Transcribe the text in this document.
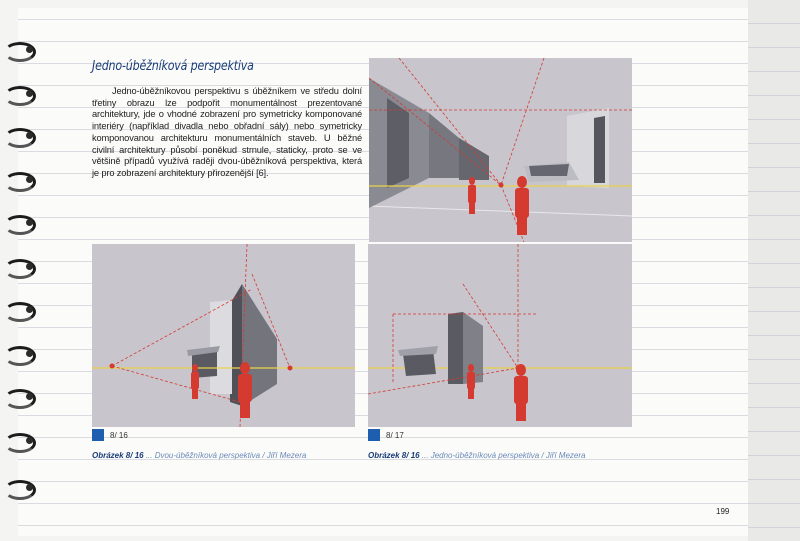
Jedno-úběžníková perspektiva
Jedno-úběžníkovou perspektivu s úběžníkem ve středu dolní třetiny obrazu lze podpořit monumentálnost prezentované architektury, jde o vhodné zobrazení pro symetricky komponované interiéry (například divadla nebo obřadní sály) nebo symetricky komponovanou architekturu monumentálních staveb. U běžné civilní architektury působí poněkud strnule, staticky, proto se ve většině případů využívá raději dvou-úběžníková perspektiva, která je pro zobrazení architektury přirozenější [6].
8/ 16	8/ 17
Obrázek 8/ 16 ... Dvou-úběžníková perspektiva / Jiří Mezera	Obrázek 8/ 16 ... Jedno-úběžníková perspektiva / Jiří Mezera
199
